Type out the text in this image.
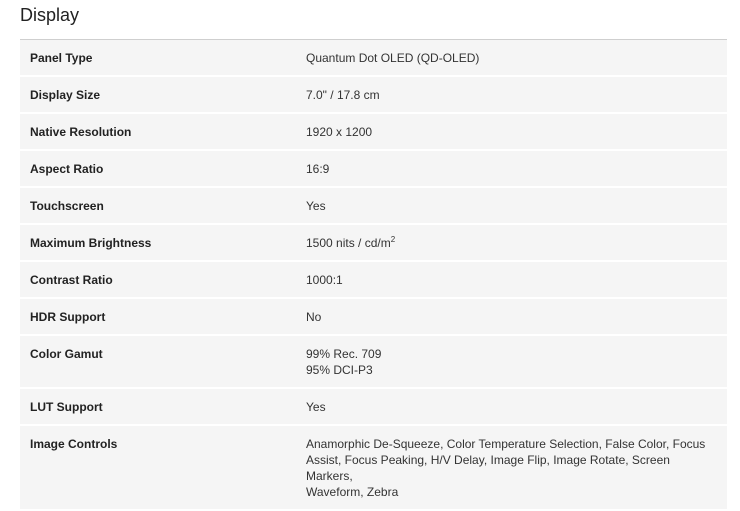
Display
Panel Type	Quantum Dot OLED (QD-OLED)
Display Size	7.0" / 17.8 cm
Native Resolution	1920 x 1200
Aspect Ratio	16:9
Touchscreen	Yes
Maximum Brightness	1500 nits / $cd/m^2$
Contrast Ratio	1000:1
HDR Support	No
Color Gamut	99% Rec. 709
95% DCI-P3

LUT Support	Yes
Image Controls	Anamorphic De-Squeeze, Color Temperature Selection, False Color, Focus
Assist, Focus Peaking, H/V Delay, Image Flip, Image Rotate, Screen Markers,
Waveform, Zebra
